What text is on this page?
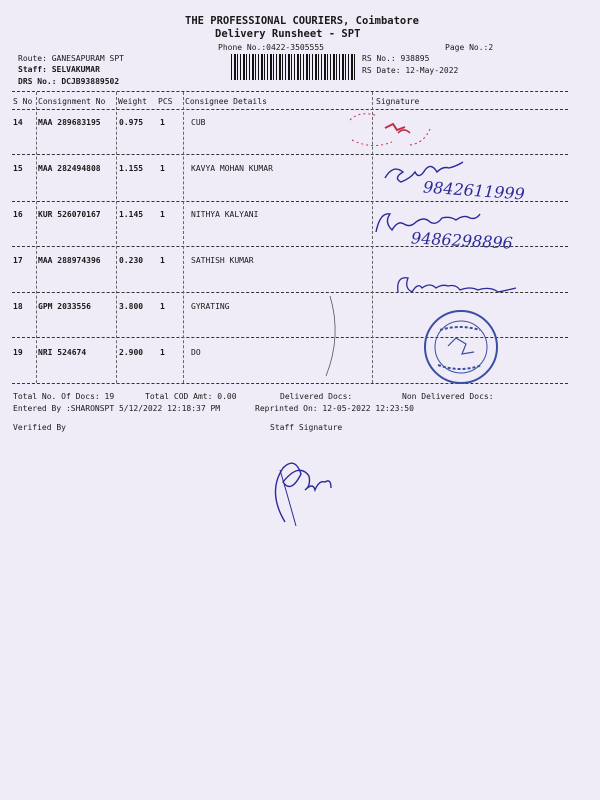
THE PROFESSIONAL COURIERS, Coimbatore
Delivery Runsheet - SPT
Phone No.:0422-3505555	Page No.:2
Route: GANESAPURAM SPT
Staff: SELVAKUMAR
DRS No.: DCJB93889502
RS No.: 938895
RS Date: 12-May-2022
S No Consignment No Weight PCS Consignee Details	Signature
14 MAA 289683195 0.975 1	CUB
15 MAA 282494808 1.155 1	KAVYA MOHAN KUMAR
16 KUR 526070167 1.145 1	NITHYA KALYANI
17 MAA 288974396 0.230 1	SATHISH KUMAR
18 GPM 2033556	3.800 1	GYRATING
19 NRI 524674	2.900 1	DO
Total No. Of Docs: 19	Total COD Amt: 0.00	Delivered Docs:	Non Delivered Docs:
Entered By :SHARONSPT 5/12/2022 12:18:37 PM	Reprinted On: 12-05-2022 12:23:50
Verified By	Staff Signature
9842611999
9486298896
